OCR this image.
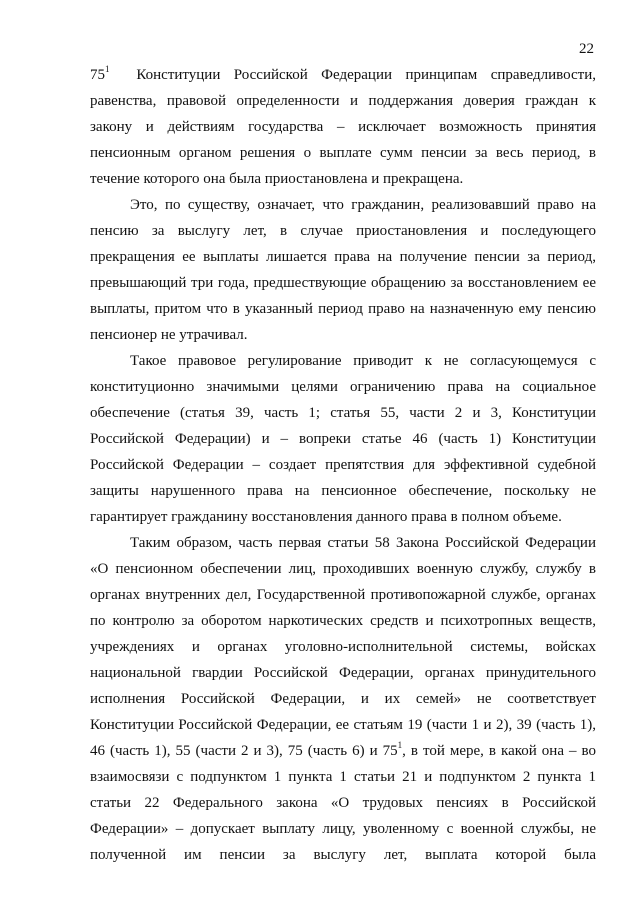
22
$75^1$ Конституции Российской Федерации принципам справедливости,
равенства, правовой определенности и поддержания доверия граждан к
закону и действиям государства – исключает возможность принятия
пенсионным органом решения о выплате сумм пенсии за весь период, в
течение которого она была приостановлена и прекращена.
Это, по существу, означает, что гражданин, реализовавший право на
пенсию за выслугу лет, в случае приостановления и последующего
прекращения ее выплаты лишается права на получение пенсии за период,
превышающий три года, предшествующие обращению за восстановлением ее
выплаты, притом что в указанный период право на назначенную ему пенсию
пенсионер не утрачивал.
Такое правовое регулирование приводит к не согласующемуся с
конституционно значимыми целями ограничению права на социальное
обеспечение (статья 39, часть 1; статья 55, части 2 и 3, Конституции
Российской Федерации) и – вопреки статье 46 (часть 1) Конституции
Российской Федерации – создает препятствия для эффективной судебной
защиты нарушенного права на пенсионное обеспечение, поскольку не
гарантирует гражданину восстановления данного права в полном объеме.
Таким образом, часть первая статьи 58 Закона Российской Федерации
«О пенсионном обеспечении лиц, проходивших военную службу, службу в
органах внутренних дел, Государственной противопожарной службе, органах
по контролю за оборотом наркотических средств и психотропных веществ,
учреждениях и органах уголовно-исполнительной системы, войсках
национальной гвардии Российской Федерации, органах принудительного
исполнения Российской Федерации, и их семей» не соответствует
Конституции Российской Федерации, ее статьям 19 (части 1 и 2), 39 (часть 1),
46 (часть 1), 55 (части 2 и 3), 75 (часть 6) и $75^1$, в той мере, в какой она – во
взаимосвязи с подпунктом 1 пункта 1 статьи 21 и подпунктом 2 пункта 1
статьи 22 Федерального закона «О трудовых пенсиях в Российской
Федерации» – допускает выплату лицу, уволенному с военной службы, не
полученной им пенсии за выслугу лет, выплата которой была
